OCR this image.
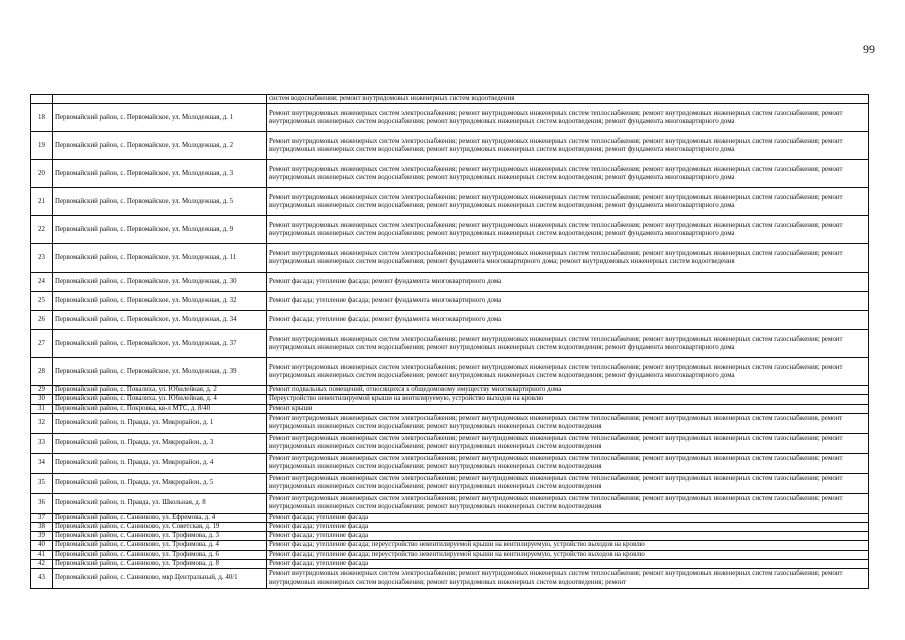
99
		систем водоснабжения; ремонт внутридомовых инженерных систем водоотведения
18	Первомайский район, с. Первомайское, ул. Молодежная, д. 1	Ремонт внутридомовых инженерных систем электроснабжения; ремонт внутридомовых инженерных систем теплоснабжения; ремонт внутридомовых инженерных систем газоснабжения; ремонт внутридомовых инженерных систем водоснабжения; ремонт внутридомовых инженерных систем водоотведения; ремонт фундамента многоквартирного дома
19	Первомайский район, с. Первомайское, ул. Молодежная, д. 2	Ремонт внутридомовых инженерных систем электроснабжения; ремонт внутридомовых инженерных систем теплоснабжения; ремонт внутридомовых инженерных систем газоснабжения; ремонт внутридомовых инженерных систем водоснабжения; ремонт внутридомовых инженерных систем водоотведения; ремонт фундамента многоквартирного дома
20	Первомайский район, с. Первомайское, ул. Молодежная, д. 3	Ремонт внутридомовых инженерных систем электроснабжения; ремонт внутридомовых инженерных систем теплоснабжения; ремонт внутридомовых инженерных систем газоснабжения; ремонт внутридомовых инженерных систем водоснабжения; ремонт внутридомовых инженерных систем водоотведения; ремонт фундамента многоквартирного дома
21	Первомайский район, с. Первомайское, ул. Молодежная, д. 5	Ремонт внутридомовых инженерных систем электроснабжения; ремонт внутридомовых инженерных систем теплоснабжения; ремонт внутридомовых инженерных систем газоснабжения; ремонт внутридомовых инженерных систем водоснабжения; ремонт внутридомовых инженерных систем водоотведения; ремонт фундамента многоквартирного дома
22	Первомайский район, с. Первомайское, ул. Молодежная, д. 9	Ремонт внутридомовых инженерных систем электроснабжения; ремонт внутридомовых инженерных систем теплоснабжения; ремонт внутридомовых инженерных систем газоснабжения; ремонт внутридомовых инженерных систем водоснабжения; ремонт внутридомовых инженерных систем водоотведения; ремонт фундамента многоквартирного дома
23	Первомайский район, с. Первомайское, ул. Молодежная, д. 11	Ремонт внутридомовых инженерных систем электроснабжения; ремонт внутридомовых инженерных систем теплоснабжения; ремонт внутридомовых инженерных систем газоснабжения; ремонт внутридомовых инженерных систем водоснабжения; ремонт фундамента многоквартирного дома; ремонт внутридомовых инженерных систем водоотведения
24	Первомайский район, с. Первомайское, ул. Молодежная, д. 30	Ремонт фасада; утепление фасада; ремонт фундамента многоквартирного дома
25	Первомайский район, с. Первомайское, ул. Молодежная, д. 32	Ремонт фасада; утепление фасада; ремонт фундамента многоквартирного дома
26	Первомайский район, с. Первомайское, ул. Молодежная, д. 34	Ремонт фасада; утепление фасада; ремонт фундамента многоквартирного дома
27	Первомайский район, с. Первомайское, ул. Молодежная, д. 37	Ремонт внутридомовых инженерных систем электроснабжения; ремонт внутридомовых инженерных систем теплоснабжения; ремонт внутридомовых инженерных систем газоснабжения; ремонт внутридомовых инженерных систем водоснабжения; ремонт внутридомовых инженерных систем водоотведения; ремонт фундамента многоквартирного дома
28	Первомайский район, с. Первомайское, ул. Молодежная, д. 39	Ремонт внутридомовых инженерных систем электроснабжения; ремонт внутридомовых инженерных систем теплоснабжения; ремонт внутридомовых инженерных систем газоснабжения; ремонт внутридомовых инженерных систем водоснабжения; ремонт внутридомовых инженерных систем водоотведения; ремонт фундамента многоквартирного дома
29	Первомайский район, с. Повалиха, ул. Юбилейная, д. 2	Ремонт подвальных помещений, относящихся к общедомовому имуществу многоквартирного дома
30	Первомайский район, с. Повалиха, ул. Юбилейная, д. 4	Переустройство невентилируемой крыши на вентилируемую, устройство выходов на кровлю
31	Первомайский район, с. Покровка, кв-л МТС, д. 8/40	Ремонт крыши
32	Первомайский район, п. Правда, ул. Микрорайон, д. 1	Ремонт внутридомовых инженерных систем электроснабжения; ремонт внутридомовых инженерных систем теплоснабжения; ремонт внутридомовых инженерных систем газоснабжения, ремонт внутридомовых инженерных систем водоснабжения; ремонт внутридомовых инженерных систем водоотведения
33	Первомайский район, п. Правда, ул. Микрорайон, д. 3	Ремонт внутридомовых инженерных систем электроснабжения; ремонт внутридомовых инженерных систем теплоснабжения; ремонт внутридомовых инженерных систем газоснабжения; ремонт внутридомовых инженерных систем водоснабжения; ремонт внутридомовых инженерных систем водоотведения
34	Первомайский район, п. Правда, ул. Микрорайон, д. 4	Ремонт внутридомовых инженерных систем электроснабжения; ремонт внутридомовых инженерных систем теплоснабжения; ремонт внутридомовых инженерных систем газоснабжения; ремонт внутридомовых инженерных систем водоснабжения; ремонт внутридомовых инженерных систем водоотведения
35	Первомайский район, п. Правда, ул. Микрорайон, д. 5	Ремонт внутридомовых инженерных систем электроснабжения; ремонт внутридомовых инженерных систем теплоснабжения; ремонт внутридомовых инженерных систем газоснабжения; ремонт внутридомовых инженерных систем водоснабжения; ремонт внутридомовых инженерных систем водоотведения
36	Первомайский район, п. Правда, ул. Школьная, д. 8	Ремонт внутридомовых инженерных систем электроснабжения; ремонт внутридомовых инженерных систем теплоснабжения; ремонт внутридомовых инженерных систем газоснабжения; ремонт внутридомовых инженерных систем водоснабжения; ремонт внутридомовых инженерных систем водоотведения
37	Первомайский район, с. Санниково, ул. Ефремова, д. 4	Ремонт фасада; утепление фасада
38	Первомайский район, с. Санниково, ул. Советская, д. 19	Ремонт фасада; утепление фасада
39	Первомайский район, с. Санниково, ул. Трофимова, д. 3	Ремонт фасада; утепление фасада
40	Первомайский район, с. Санниково, ул. Трофимова, д. 4	Ремонт фасада; утепление фасада; переустройство невентилируемой крыши на вентилируемую, устройство выходов на кровлю
41	Первомайский район, с. Санниково, ул. Трофимова, д. 6	Ремонт фасада; утепление фасада; переустройство невентилируемой крыши на вентилируемую, устройство выходов на кровлю
42	Первомайский район, с. Санниково, ул. Трофимова, д. 8	Ремонт фасада; утепление фасада
43	Первомайский район, с. Санниково, мкр.Центральный, д. 40/1	Ремонт внутридомовых инженерных систем электроснабжения; ремонт внутридомовых инженерных систем теплоснабжения; ремонт внутридомовых инженерных систем газоснабжения; ремонт внутридомовых инженерных систем водоснабжения; ремонт внутридомовых инженерных систем водоотведения; ремонт
